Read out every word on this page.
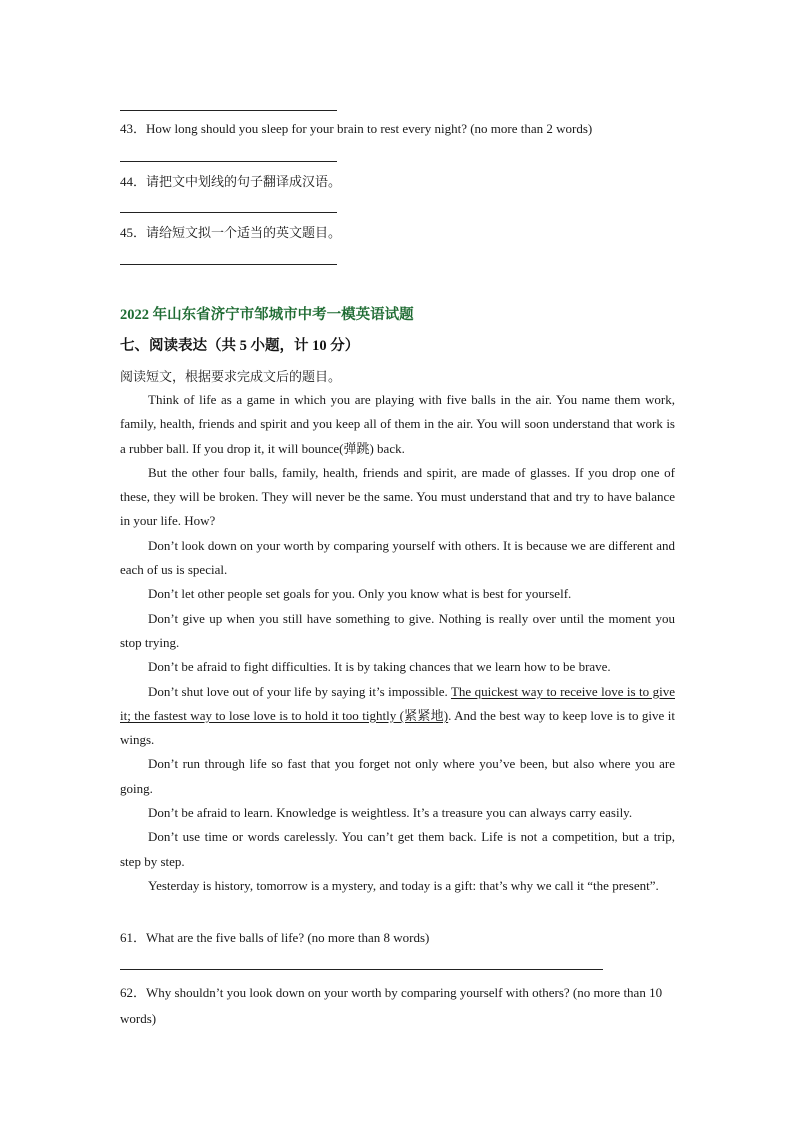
43．How long should you sleep for your brain to rest every night? (no more than 2 words)
44．请把文中划线的句子翻译成汉语。
45．请给短文拟一个适当的英文题目。
2022 年山东省济宁市邹城市中考一模英语试题
七、阅读表达（共 5 小题，计 10 分）
阅读短文，根据要求完成文后的题目。

Think of life as a game in which you are playing with five balls in the air. You name them work, family, health, friends and spirit and you keep all of them in the air. You will soon understand that work is a rubber ball. If you drop it, it will bounce(弹跳) back.

But the other four balls, family, health, friends and spirit, are made of glasses. If you drop one of these, they will be broken. They will never be the same. You must understand that and try to have balance in your life. How?

Don’t look down on your worth by comparing yourself with others. It is because we are different and each of us is special.

Don’t let other people set goals for you. Only you know what is best for yourself.

Don’t give up when you still have something to give. Nothing is really over until the moment you stop trying.

Don’t be afraid to fight difficulties. It is by taking chances that we learn how to be brave.

Don’t shut love out of your life by saying it’s impossible. The quickest way to receive love is to give it; the fastest way to lose love is to hold it too tightly (紧紧地). And the best way to keep love is to give it wings.

Don’t run through life so fast that you forget not only where you’ve been, but also where you are going.

Don’t be afraid to learn. Knowledge is weightless. It’s a treasure you can always carry easily.

Don’t use time or words carelessly. You can’t get them back. Life is not a competition, but a trip, step by step.

Yesterday is history, tomorrow is a mystery, and today is a gift: that’s why we call it “the present”.

61．What are the five balls of life? (no more than 8 words)
62．Why shouldn’t you look down on your worth by comparing yourself with others? (no more than 10 words)
